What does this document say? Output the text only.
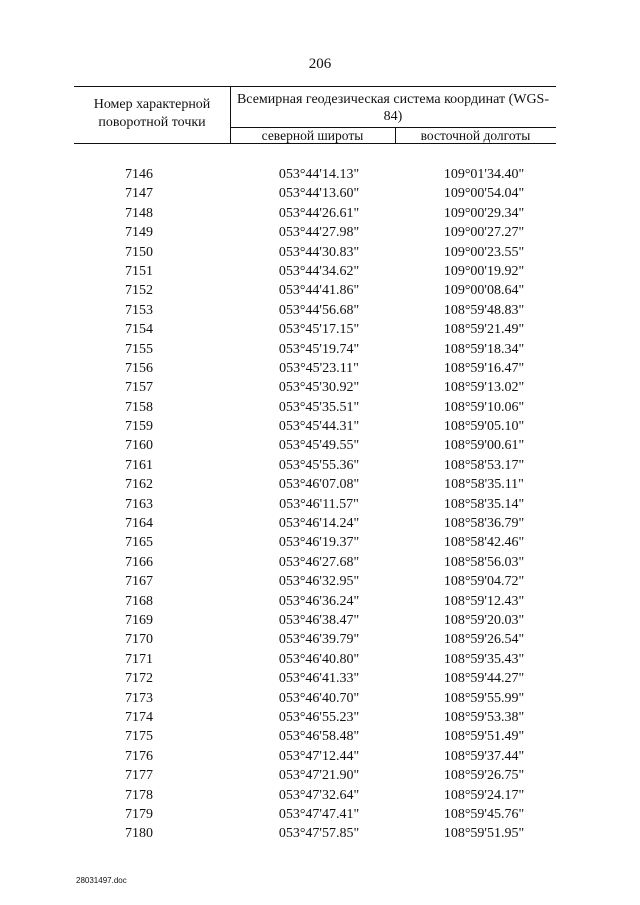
206
Номер характерной поворотной точки
Всемирная геодезическая система координат (WGS-84)
северной широты	восточной долготы
7146	053°44'14.13"	109°01'34.40"
7147	053°44'13.60"	109°00'54.04"
7148	053°44'26.61"	109°00'29.34"
7149	053°44'27.98"	109°00'27.27"
7150	053°44'30.83"	109°00'23.55"
7151	053°44'34.62"	109°00'19.92"
7152	053°44'41.86"	109°00'08.64"
7153	053°44'56.68"	108°59'48.83"
7154	053°45'17.15"	108°59'21.49"
7155	053°45'19.74"	108°59'18.34"
7156	053°45'23.11"	108°59'16.47"
7157	053°45'30.92"	108°59'13.02"
7158	053°45'35.51"	108°59'10.06"
7159	053°45'44.31"	108°59'05.10"
7160	053°45'49.55"	108°59'00.61"
7161	053°45'55.36"	108°58'53.17"
7162	053°46'07.08"	108°58'35.11"
7163	053°46'11.57"	108°58'35.14"
7164	053°46'14.24"	108°58'36.79"
7165	053°46'19.37"	108°58'42.46"
7166	053°46'27.68"	108°58'56.03"
7167	053°46'32.95"	108°59'04.72"
7168	053°46'36.24"	108°59'12.43"
7169	053°46'38.47"	108°59'20.03"
7170	053°46'39.79"	108°59'26.54"
7171	053°46'40.80"	108°59'35.43"
7172	053°46'41.33"	108°59'44.27"
7173	053°46'40.70"	108°59'55.99"
7174	053°46'55.23"	108°59'53.38"
7175	053°46'58.48"	108°59'51.49"
7176	053°47'12.44"	108°59'37.44"
7177	053°47'21.90"	108°59'26.75"
7178	053°47'32.64"	108°59'24.17"
7179	053°47'47.41"	108°59'45.76"
7180	053°47'57.85"	108°59'51.95"
28031497.doc
